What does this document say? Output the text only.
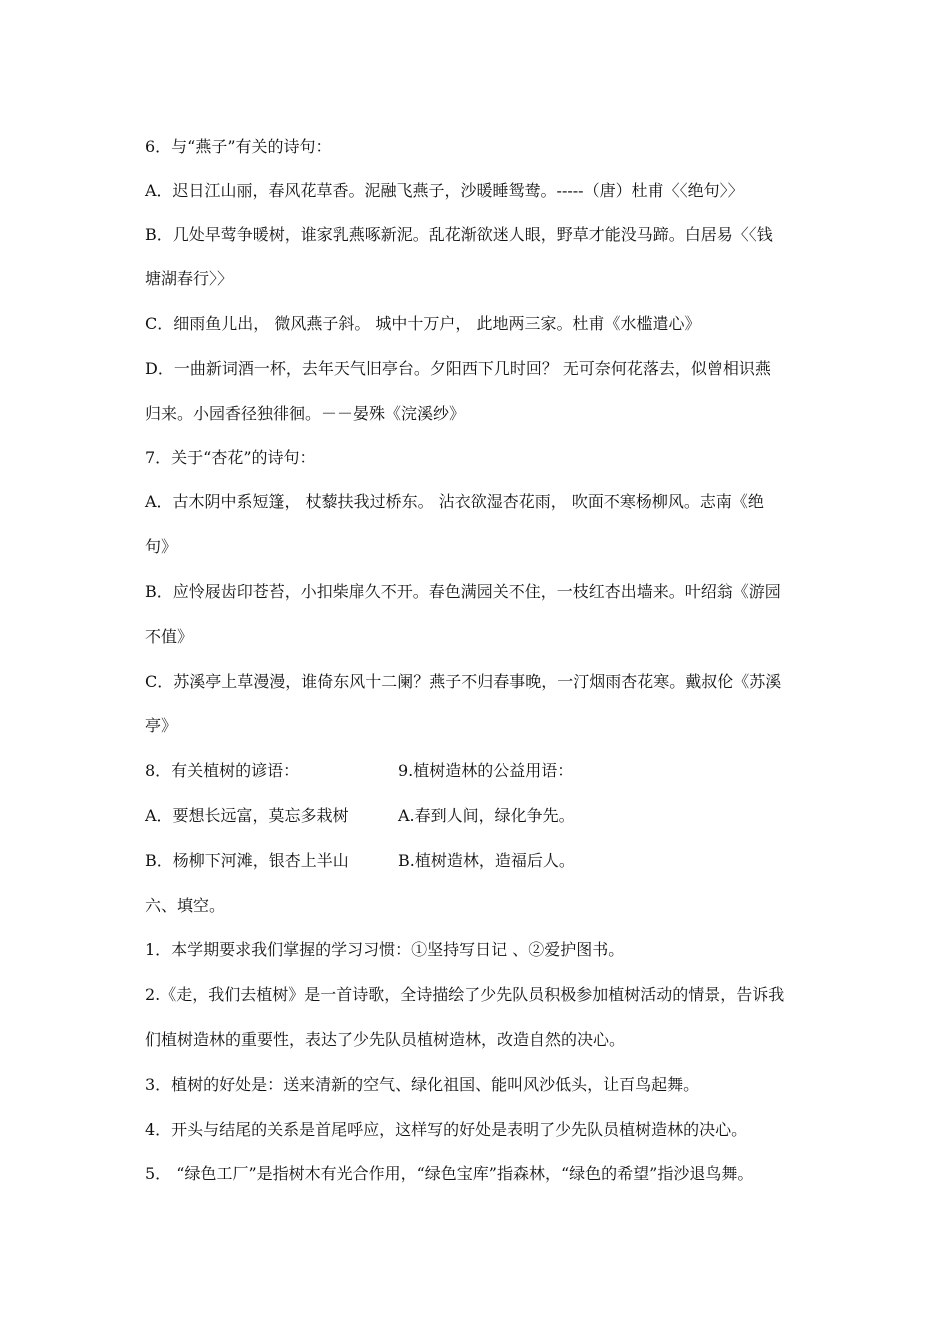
6．与“燕子”有关的诗句：
A．迟日江山丽，春风花草香。泥融飞燕子，沙暖睡鸳鸯。-----（唐）杜甫〈〈绝句〉〉
B．几处早莺争暖树，谁家乳燕啄新泥。乱花渐欲迷人眼，野草才能没马蹄。白居易〈〈钱
塘湖春行〉〉
C．细雨鱼儿出， 微风燕子斜。 城中十万户， 此地两三家。杜甫《水槛遣心》
D．一曲新词酒一杯，去年天气旧亭台。夕阳西下几时回？ 无可奈何花落去，似曾相识燕
归来。小园香径独徘徊。－－晏殊《浣溪纱》
7．关于“杏花”的诗句：
A．古木阴中系短篷， 杖藜扶我过桥东。 沾衣欲湿杏花雨， 吹面不寒杨柳风。志南《绝
句》
B．应怜屐齿印苍苔，小扣柴扉久不开。春色满园关不住，一枝红杏出墙来。叶绍翁《游园
不值》
C．苏溪亭上草漫漫，谁倚东风十二阑？燕子不归春事晚，一汀烟雨杏花寒。戴叔伦《苏溪
亭》
8．有关植树的谚语：	9.植树造林的公益用语：
A．要想长远富，莫忘多栽树	A.春到人间，绿化争先。
B．杨柳下河滩，银杏上半山	B.植树造林，造福后人。
六、填空。
1．本学期要求我们掌握的学习习惯：①坚持写日记 、②爱护图书。
2.《走，我们去植树》是一首诗歌，全诗描绘了少先队员积极参加植树活动的情景，告诉我
们植树造林的重要性，表达了少先队员植树造林，改造自然的决心。
3．植树的好处是：送来清新的空气、绿化祖国、能叫风沙低头，让百鸟起舞。
4．开头与结尾的关系是首尾呼应，这样写的好处是表明了少先队员植树造林的决心。
5． “绿色工厂”是指树木有光合作用，“绿色宝库”指森林，“绿色的希望”指沙退鸟舞。
